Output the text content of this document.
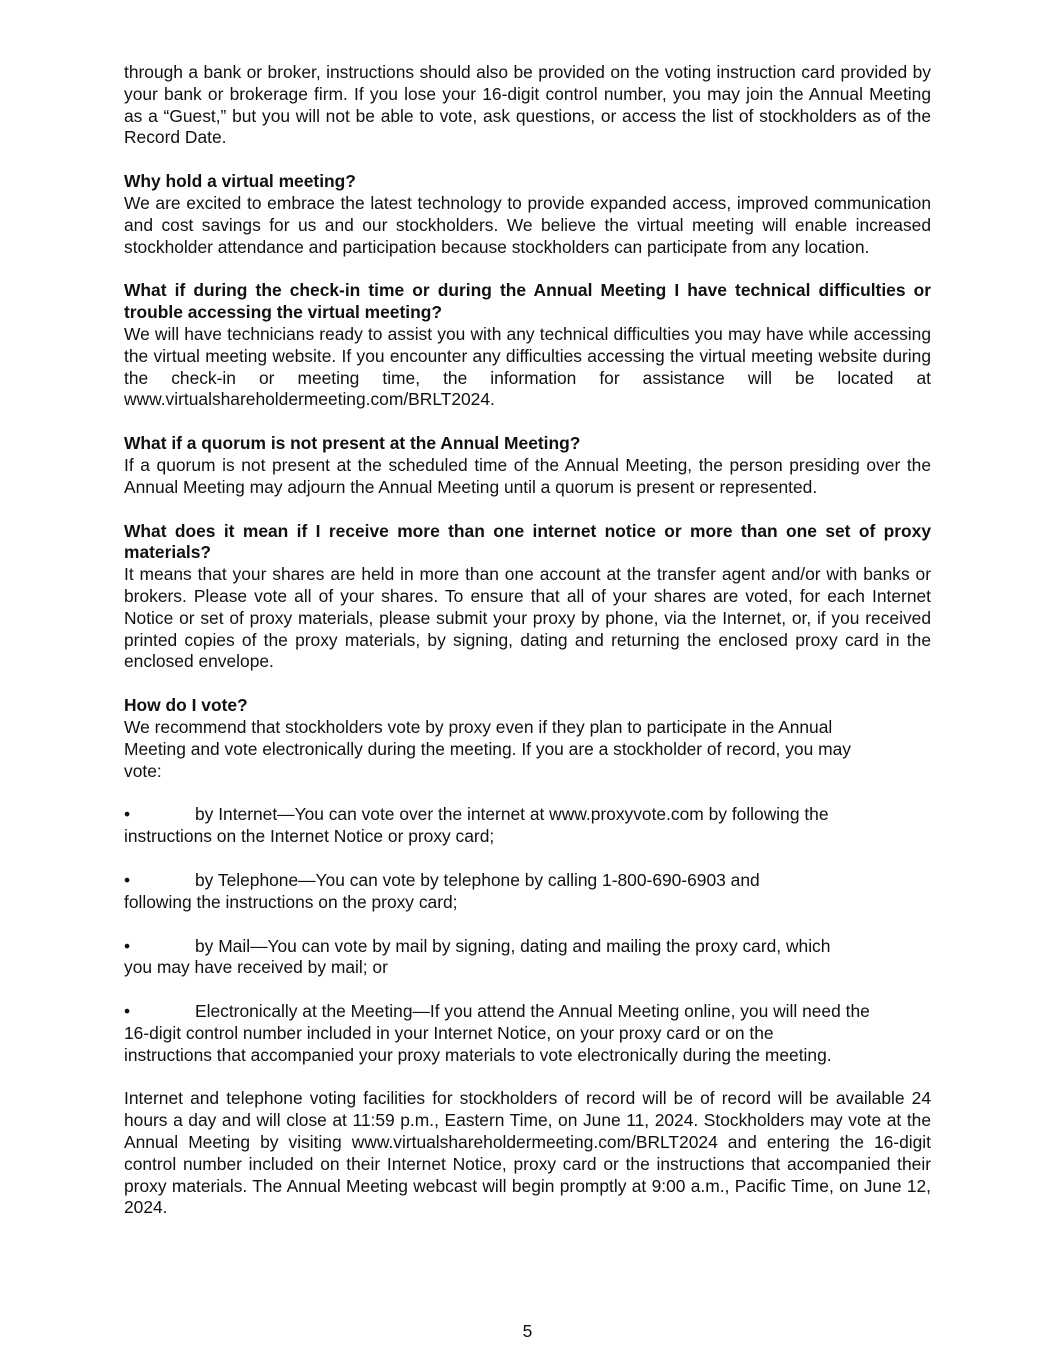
through a bank or broker, instructions should also be provided on the voting instruction card provided by your bank or brokerage firm. If you lose your 16-digit control number, you may join the Annual Meeting as a “Guest,” but you will not be able to vote, ask questions, or access the list of stockholders as of the Record Date.

Why hold a virtual meeting?

We are excited to embrace the latest technology to provide expanded access, improved communication and cost savings for us and our stockholders. We believe the virtual meeting will enable increased stockholder attendance and participation because stockholders can participate from any location.

What if during the check-in time or during the Annual Meeting I have technical difficulties or trouble accessing the virtual meeting?

We will have technicians ready to assist you with any technical difficulties you may have while accessing the virtual meeting website. If you encounter any difficulties accessing the virtual meeting website during the check-in or meeting time, the information for assistance will be located at www.virtualshareholdermeeting.com/BRLT2024.

What if a quorum is not present at the Annual Meeting?

If a quorum is not present at the scheduled time of the Annual Meeting, the person presiding over the Annual Meeting may adjourn the Annual Meeting until a quorum is present or represented.

What does it mean if I receive more than one internet notice or more than one set of proxy materials?

It means that your shares are held in more than one account at the transfer agent and/or with banks or brokers. Please vote all of your shares. To ensure that all of your shares are voted, for each Internet Notice or set of proxy materials, please submit your proxy by phone, via the Internet, or, if you received printed copies of the proxy materials, by signing, dating and returning the enclosed proxy card in the enclosed envelope.

How do I vote?

We recommend that stockholders vote by proxy even if they plan to participate in the Annual

Meeting and vote electronically during the meeting. If you are a stockholder of record, you may

vote:

•	by Internet—You can vote over the internet at www.proxyvote.com by following the

instructions on the Internet Notice or proxy card;

•	by Telephone—You can vote by telephone by calling 1-800-690-6903 and

following the instructions on the proxy card;

•	by Mail—You can vote by mail by signing, dating and mailing the proxy card, which

you may have received by mail; or

•	Electronically at the Meeting—If you attend the Annual Meeting online, you will need the

16-digit control number included in your Internet Notice, on your proxy card or on the

instructions that accompanied your proxy materials to vote electronically during the meeting.

Internet and telephone voting facilities for stockholders of record will be of record will be available 24 hours a day and will close at 11:59 p.m., Eastern Time, on June 11, 2024. Stockholders may vote at the Annual Meeting by visiting www.virtualshareholdermeeting.com/BRLT2024 and entering the 16-digit control number included on their Internet Notice, proxy card or the instructions that accompanied their proxy materials. The Annual Meeting webcast will begin promptly at 9:00 a.m., Pacific Time, on June 12, 2024.

5
